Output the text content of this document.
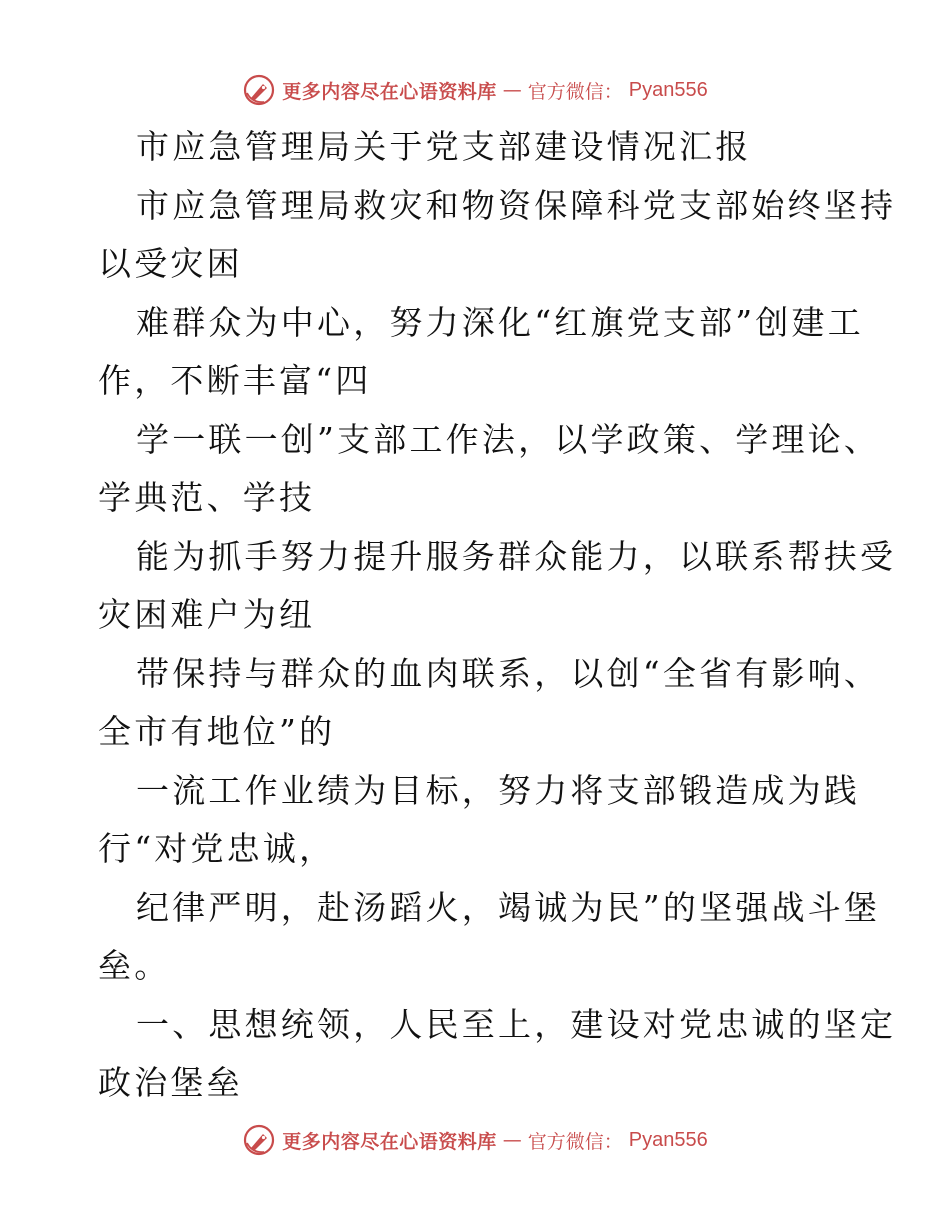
更多内容尽在心语资料库 — 官方微信： Pyan556
市应急管理局关于党支部建设情况汇报
市应急管理局救灾和物资保障科党支部始终坚持
以受灾困
难群众为中心，努力深化“红旗党支部”创建工
作，不断丰富“四
学一联一创”支部工作法，以学政策、学理论、
学典范、学技
能为抓手努力提升服务群众能力，以联系帮扶受
灾困难户为纽
带保持与群众的血肉联系，以创“全省有影响、
全市有地位”的
一流工作业绩为目标，努力将支部锻造成为践
行“对党忠诚，
纪律严明，赴汤蹈火，竭诚为民”的坚强战斗堡
垒。
一、思想统领，人民至上，建设对党忠诚的坚定
政治堡垒
更多内容尽在心语资料库 — 官方微信： Pyan556
